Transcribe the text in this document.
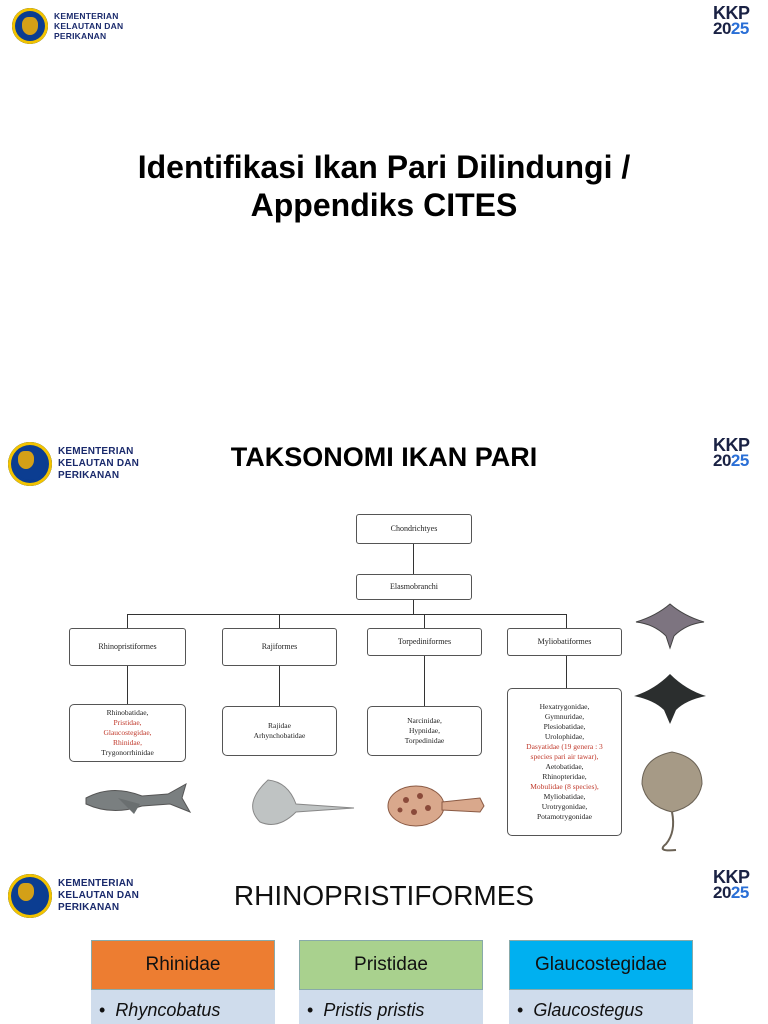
KEMENTERIAN
KELAUTAN DAN
PERIKANAN
KKP
2025
Identifikasi Ikan Pari Dilindungi /
Appendiks CITES
KEMENTERIAN
KELAUTAN DAN
PERIKANAN
KKP
2025
TAKSONOMI IKAN PARI
Chondrichtyes
Elasmobranchi
Rhinopristiformes	Rajiformes
Torpediniformes	Myliobatiformes
Rhinobatidae,
Pristidae,
Glaucostegidae,
Rhinidae,
Trygonorrhinidae
Rajidae
Arhynchobatidae
Narcinidae,
Hypnidae,
Torpedinidae
Hexatrygonidae,
Gymnuridae,
Plesiobatidae,
Urolophidae,
Dasyatidae (19 genera : 3
species pari air tawar),
Aetobatidae,
Rhinopteridae,
Mobulidae (8 species),
Myliobatidae,
Urotrygonidae,
Potamotrygonidae
KEMENTERIAN
KELAUTAN DAN
PERIKANAN
KKP
2025
RHINOPRISTIFORMES
Rhinidae
• Rhyncobatus
Pristidae
• Pristis pristis
Glaucostegidae
• Glaucostegus
